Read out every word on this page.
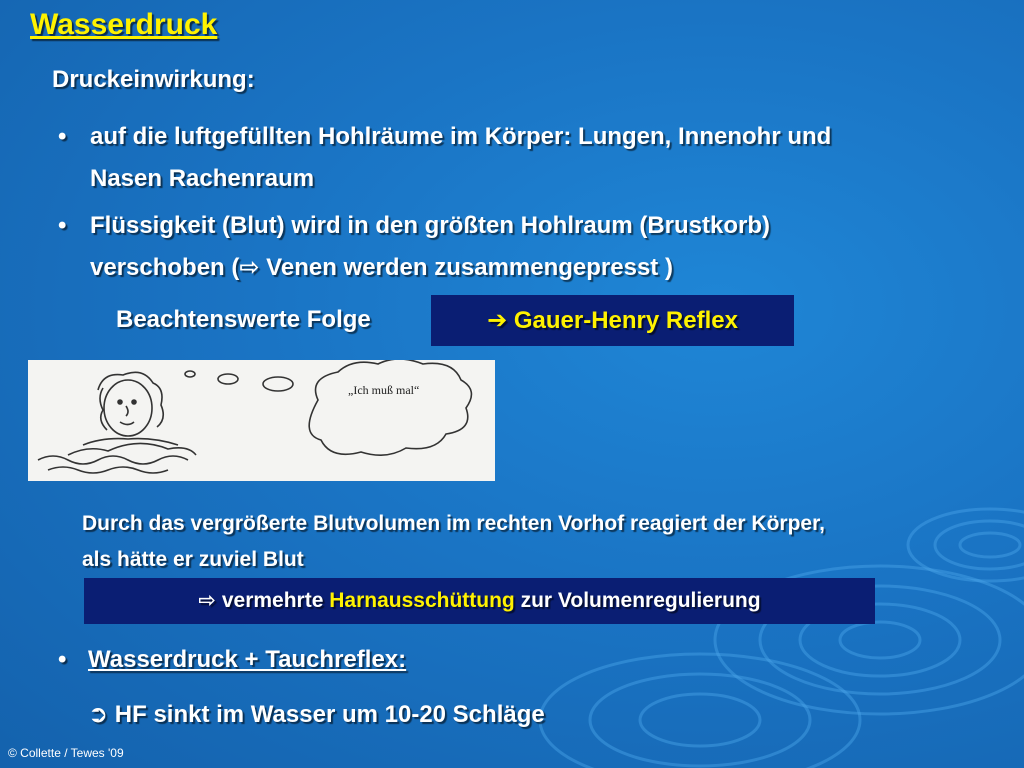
Wasserdruck
Druckeinwirkung:
• auf die luftgefüllten Hohlräume im Körper: Lungen, Innenohr und
Nasen Rachenraum
• Flüssigkeit (Blut) wird in den größten Hohlraum (Brustkorb)
verschoben (⇨ Venen werden zusammengepresst )
Beachtenswerte Folge	➔ Gauer-Henry Reflex
„Ich muß mal“
Durch das vergrößerte Blutvolumen im rechten Vorhof reagiert der Körper,
als hätte er zuviel Blut
⇨ vermehrte Harnausschüttung zur Volumenregulierung
• Wasserdruck + Tauchreflex:
➲ HF sinkt im Wasser um 10-20 Schläge
© Collette / Tewes '09
